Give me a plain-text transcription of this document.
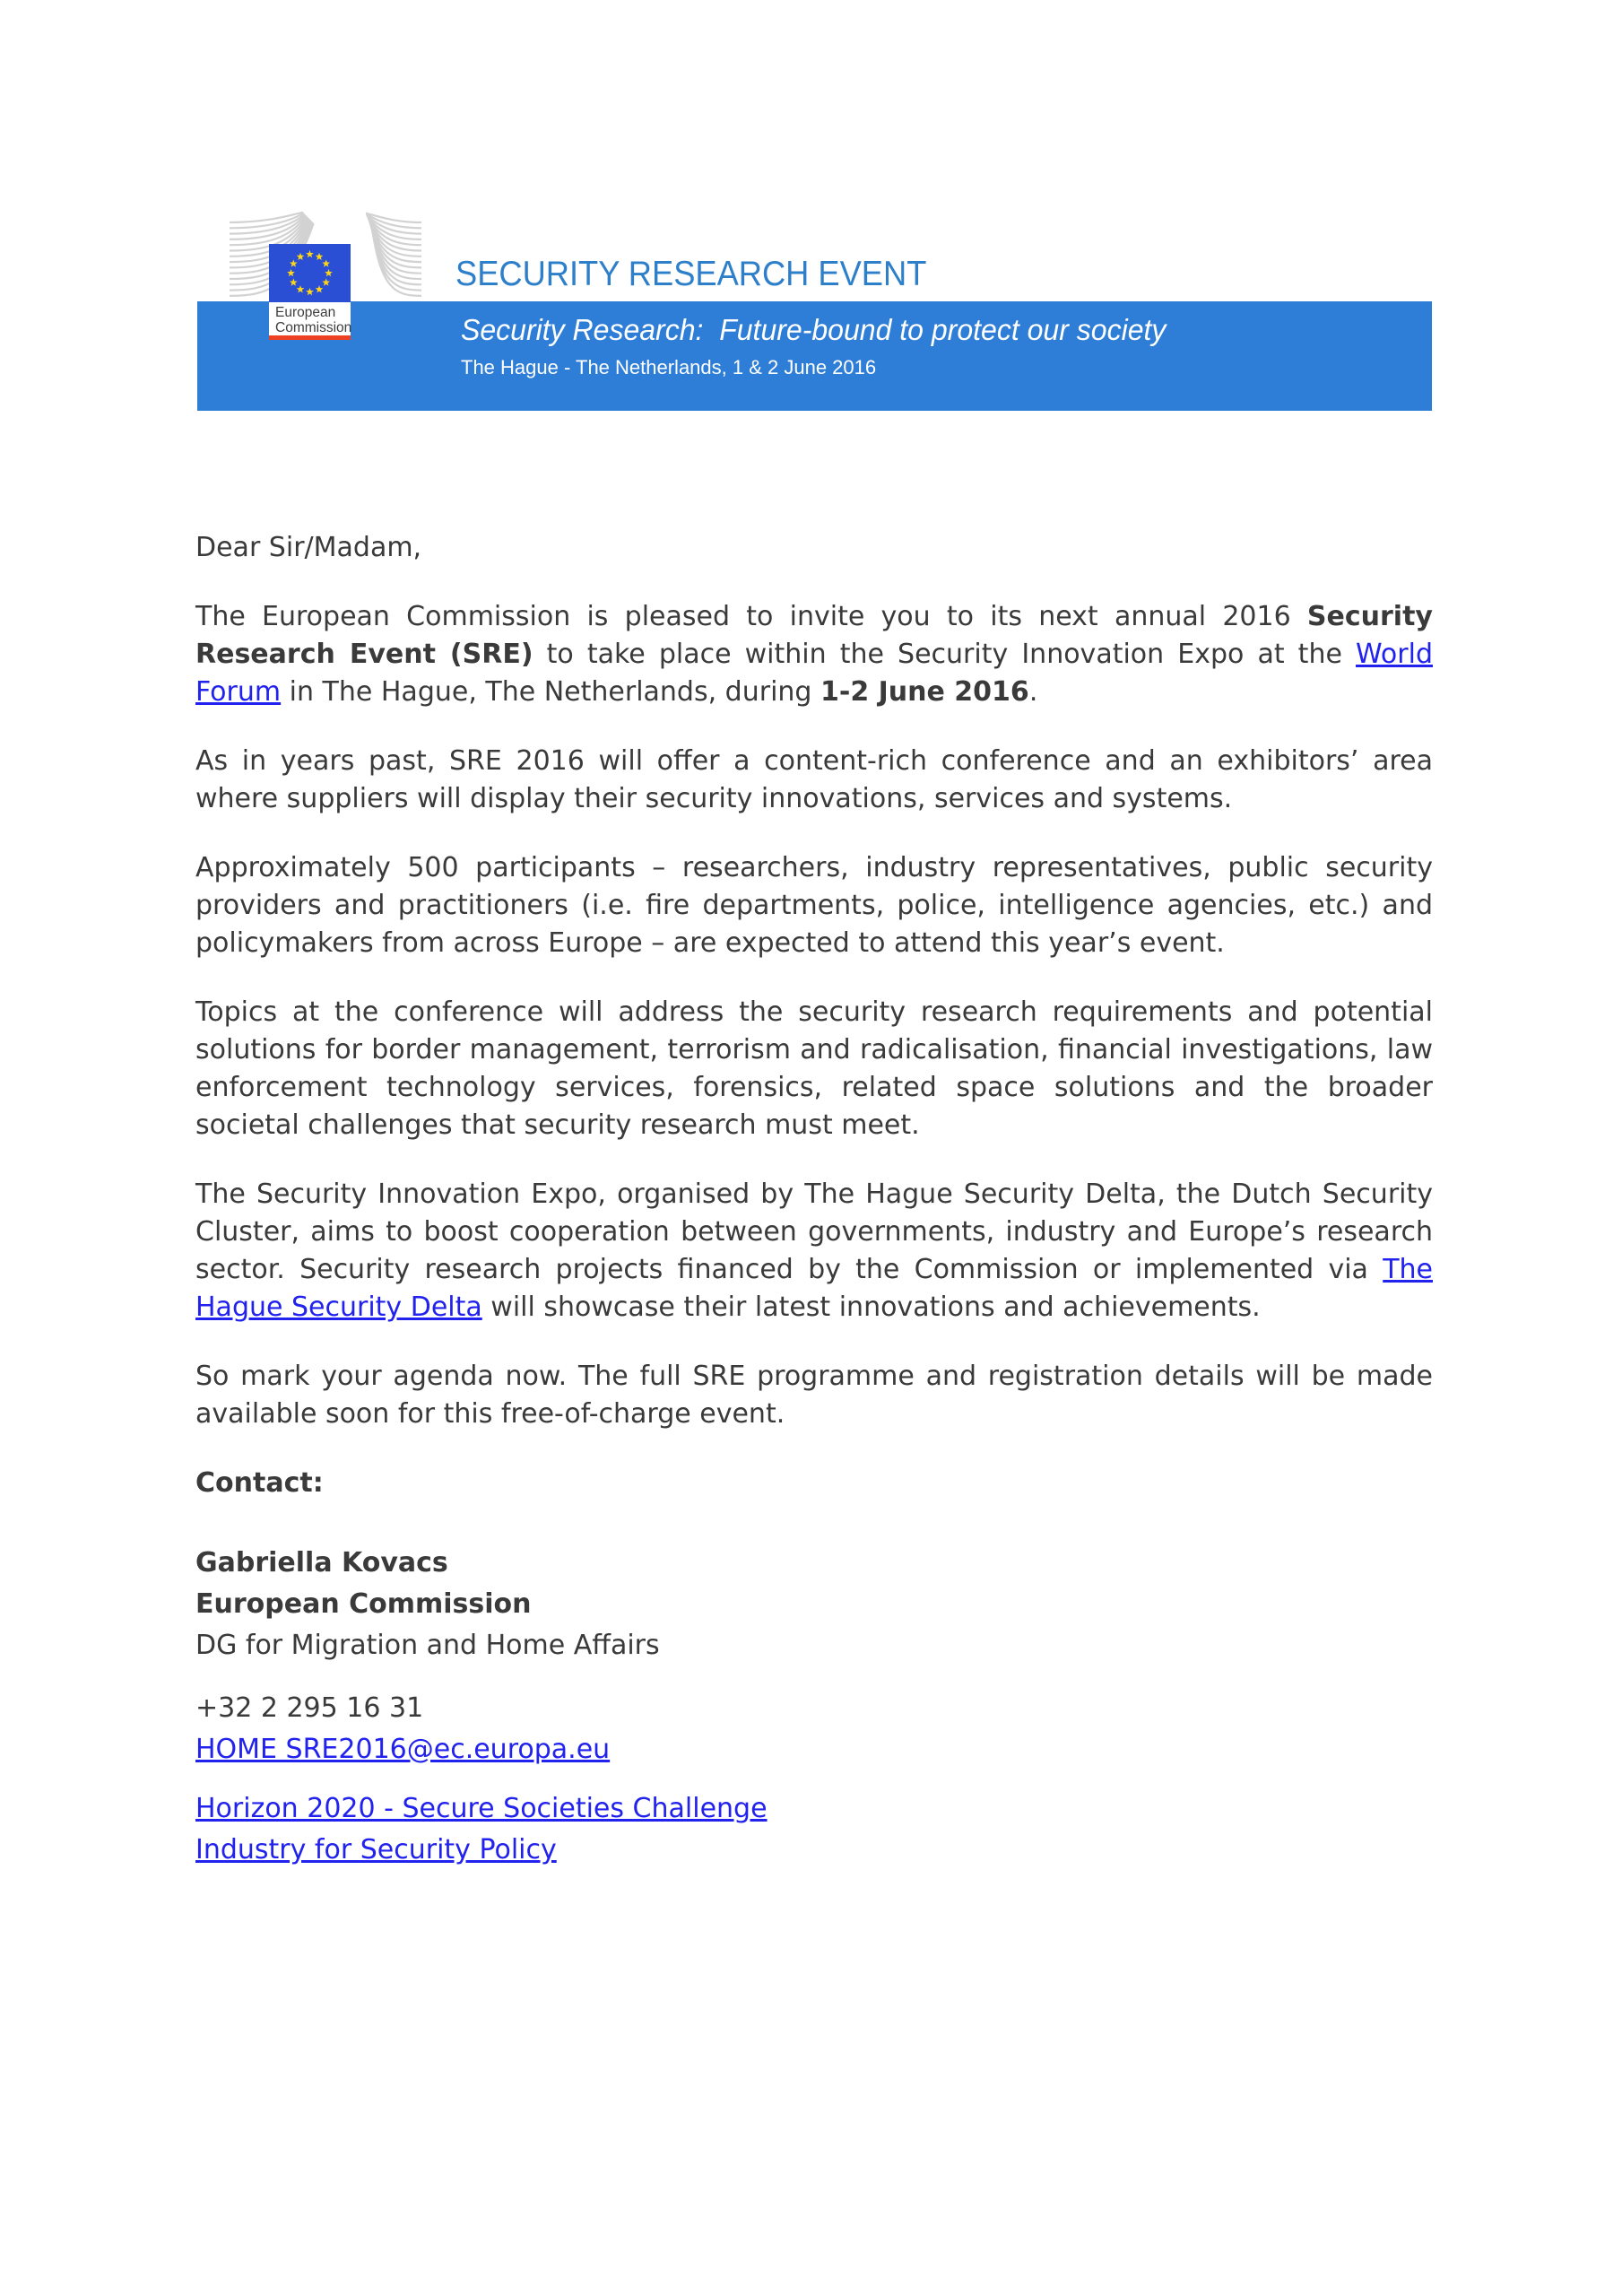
European
Commission
SECURITY RESEARCH EVENT
Security Research:  Future-bound to protect our society
The Hague - The Netherlands, 1 & 2 June 2016

Dear Sir/Madam,

The European Commission is pleased to invite you to its next annual 2016 Security Research Event (SRE) to take place within the Security Innovation Expo at the World Forum in The Hague, The Netherlands, during 1-2 June 2016.

As in years past, SRE 2016 will offer a content-rich conference and an exhibitors’ area where suppliers will display their security innovations, services and systems.

Approximately 500 participants – researchers, industry representatives, public security providers and practitioners (i.e. fire departments, police, intelligence agencies, etc.) and policymakers from across Europe – are expected to attend this year’s event.

Topics at the conference will address the security research requirements and potential solutions for border management, terrorism and radicalisation, financial investigations, law enforcement technology services, forensics, related space solutions and the broader societal challenges that security research must meet.

The Security Innovation Expo, organised by The Hague Security Delta, the Dutch Security Cluster, aims to boost cooperation between governments, industry and Europe’s research sector. Security research projects financed by the Commission or implemented via The Hague Security Delta will showcase their latest innovations and achievements.

So mark your agenda now. The full SRE programme and registration details will be made available soon for this free-of-charge event.

Contact:
Gabriella Kovacs
European Commission
DG for Migration and Home Affairs
+32 2 295 16 31
HOME SRE2016@ec.europa.eu
Horizon 2020 - Secure Societies Challenge
Industry for Security Policy
